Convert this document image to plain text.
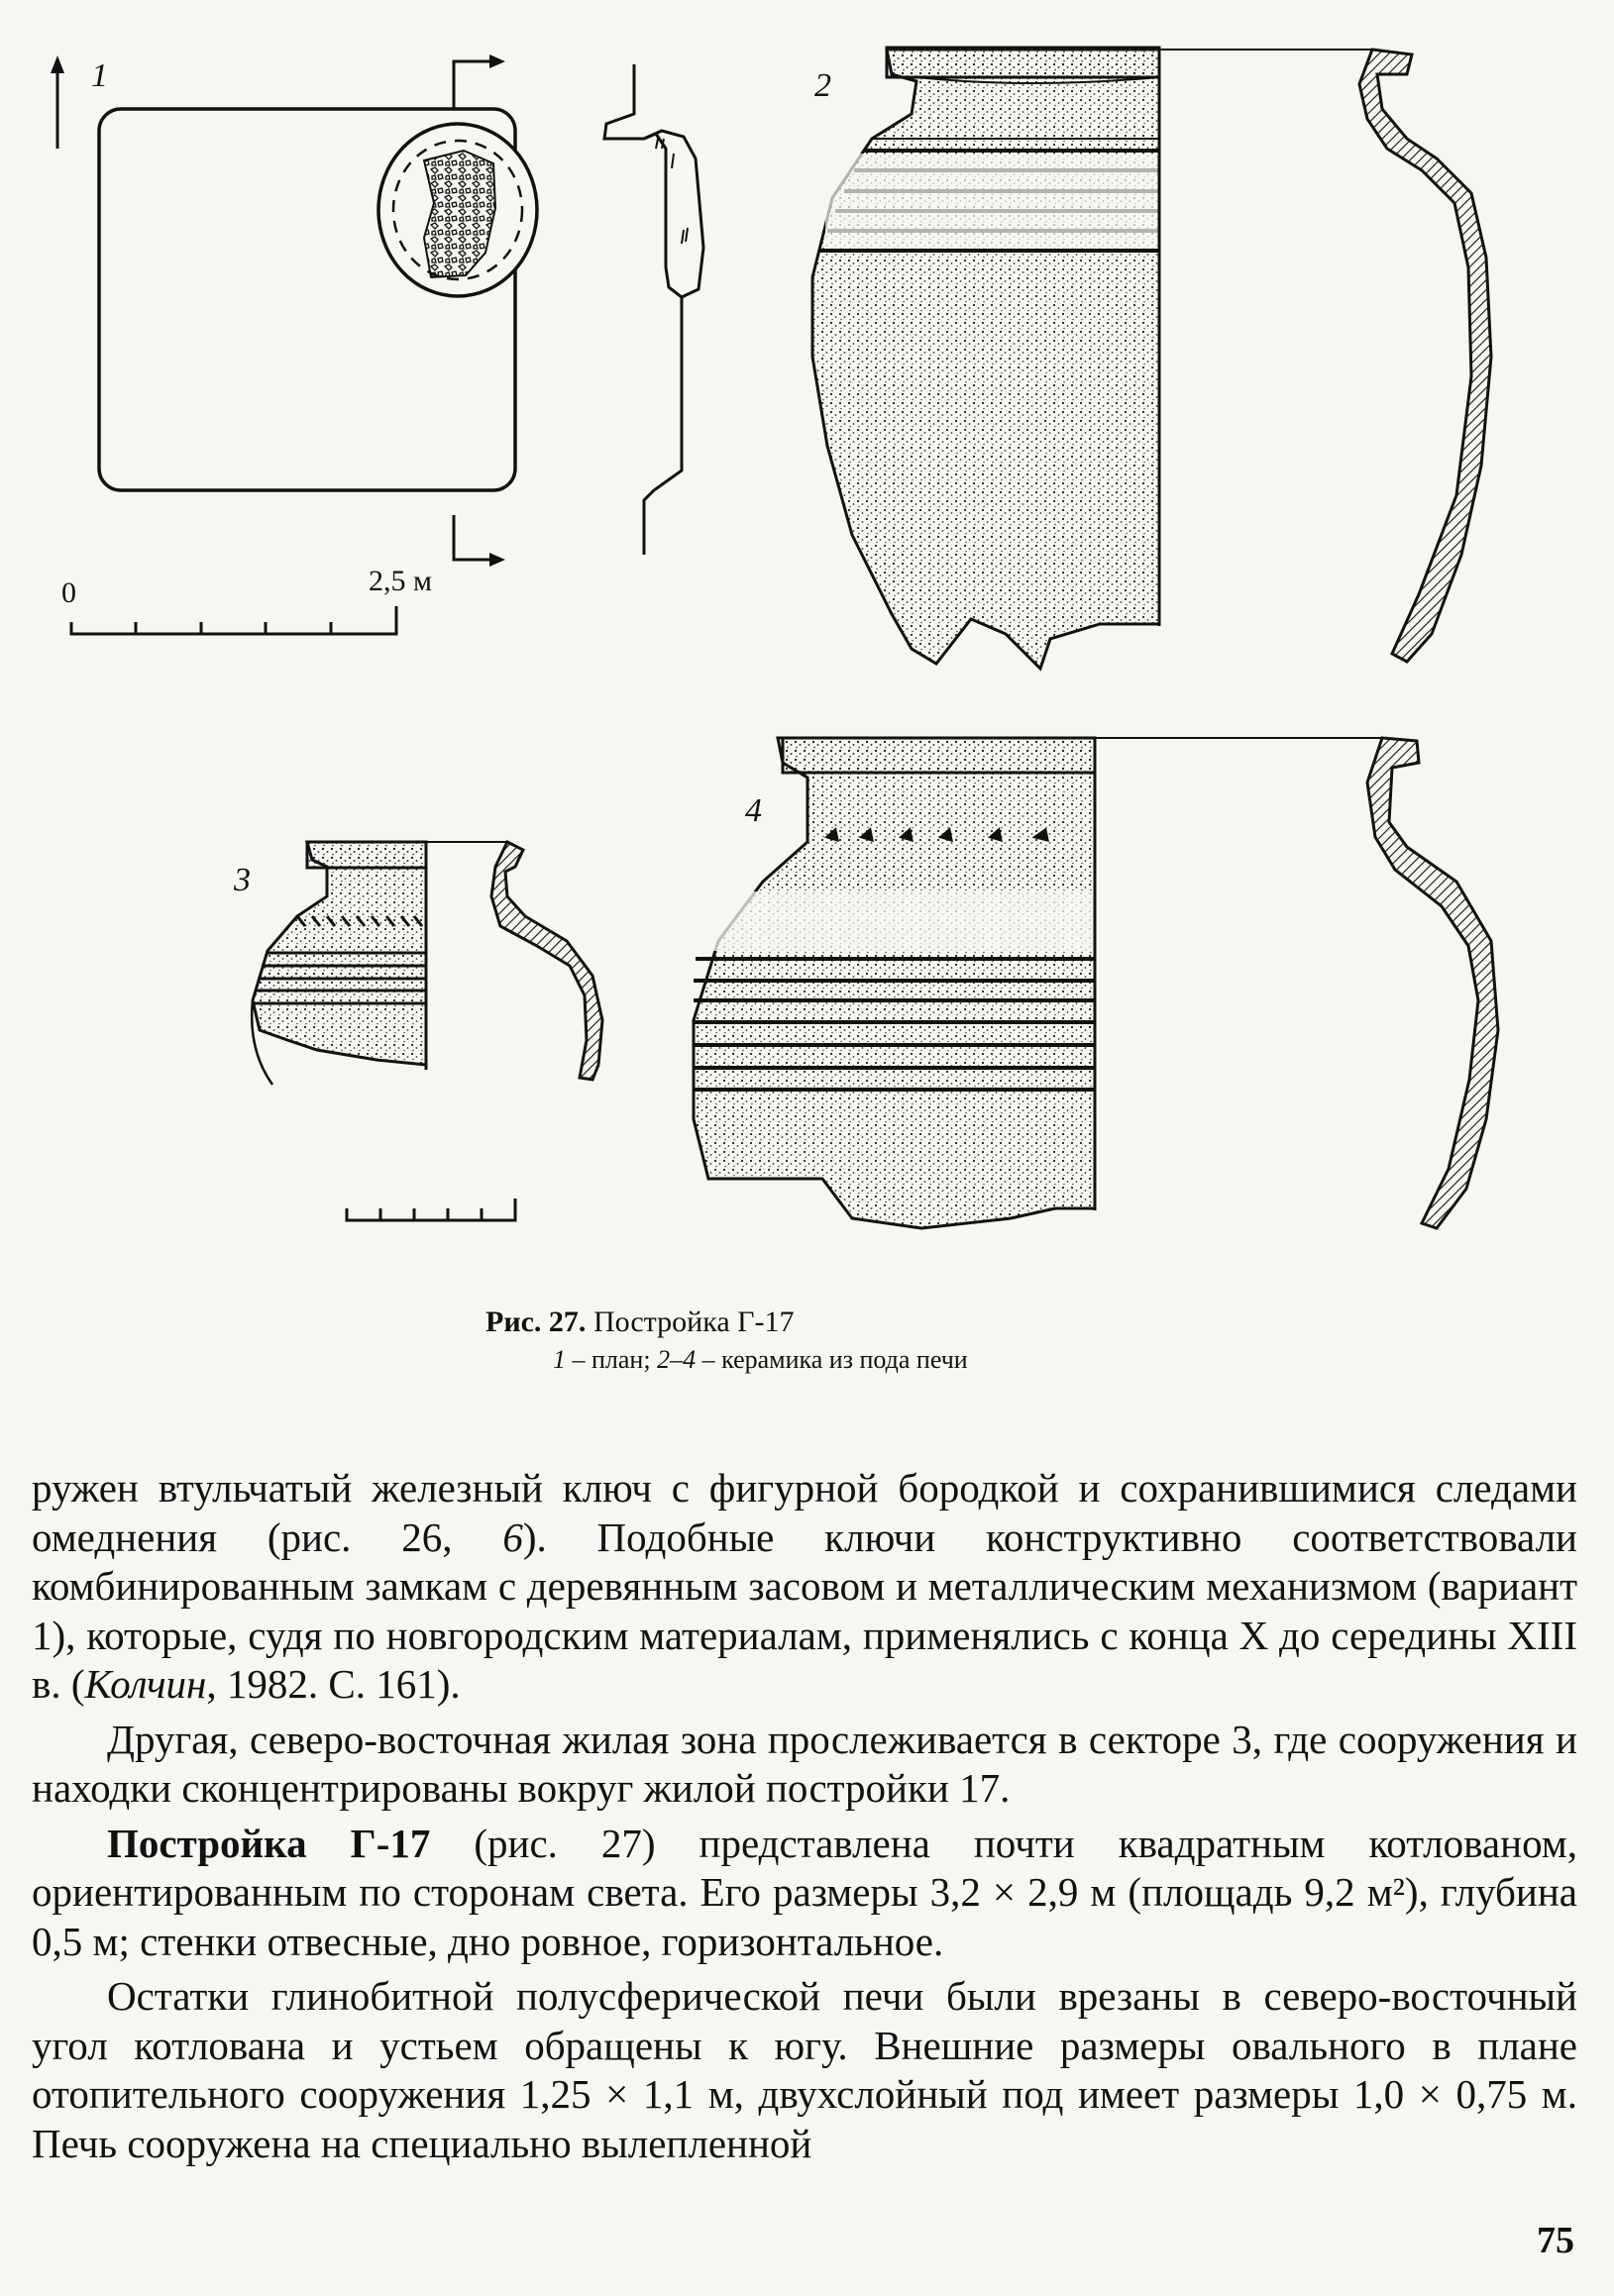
1	2
3
4
0	2,5 м
Рис. 27. Постройка Г-17
1 – план; 2–4 – керамика из пода печи

ружен втульчатый железный ключ с фигурной бородкой и сохранившимися следами омеднения (рис. 26, 6). Подобные ключи конструктивно соответствовали комбинированным замкам с деревянным засовом и металлическим механизмом (вариант 1), которые, судя по новгородским материалам, применялись с конца X до середины XIII в. (Колчин, 1982. С. 161).

Другая, северо-восточная жилая зона прослеживается в секторе 3, где сооружения и находки сконцентрированы вокруг жилой постройки 17.

Постройка Г-17 (рис. 27) представлена почти квадратным котлованом, ориентированным по сторонам света. Его размеры 3,2 × 2,9 м (площадь 9,2 м²), глубина 0,5 м; стенки отвесные, дно ровное, горизонтальное.

Остатки глинобитной полусферической печи были врезаны в северо-восточный угол котлована и устьем обращены к югу. Внешние размеры овального в плане отопительного сооружения 1,25 × 1,1 м, двухслойный под имеет размеры 1,0 × 0,75 м. Печь сооружена на специально вылепленной

75
